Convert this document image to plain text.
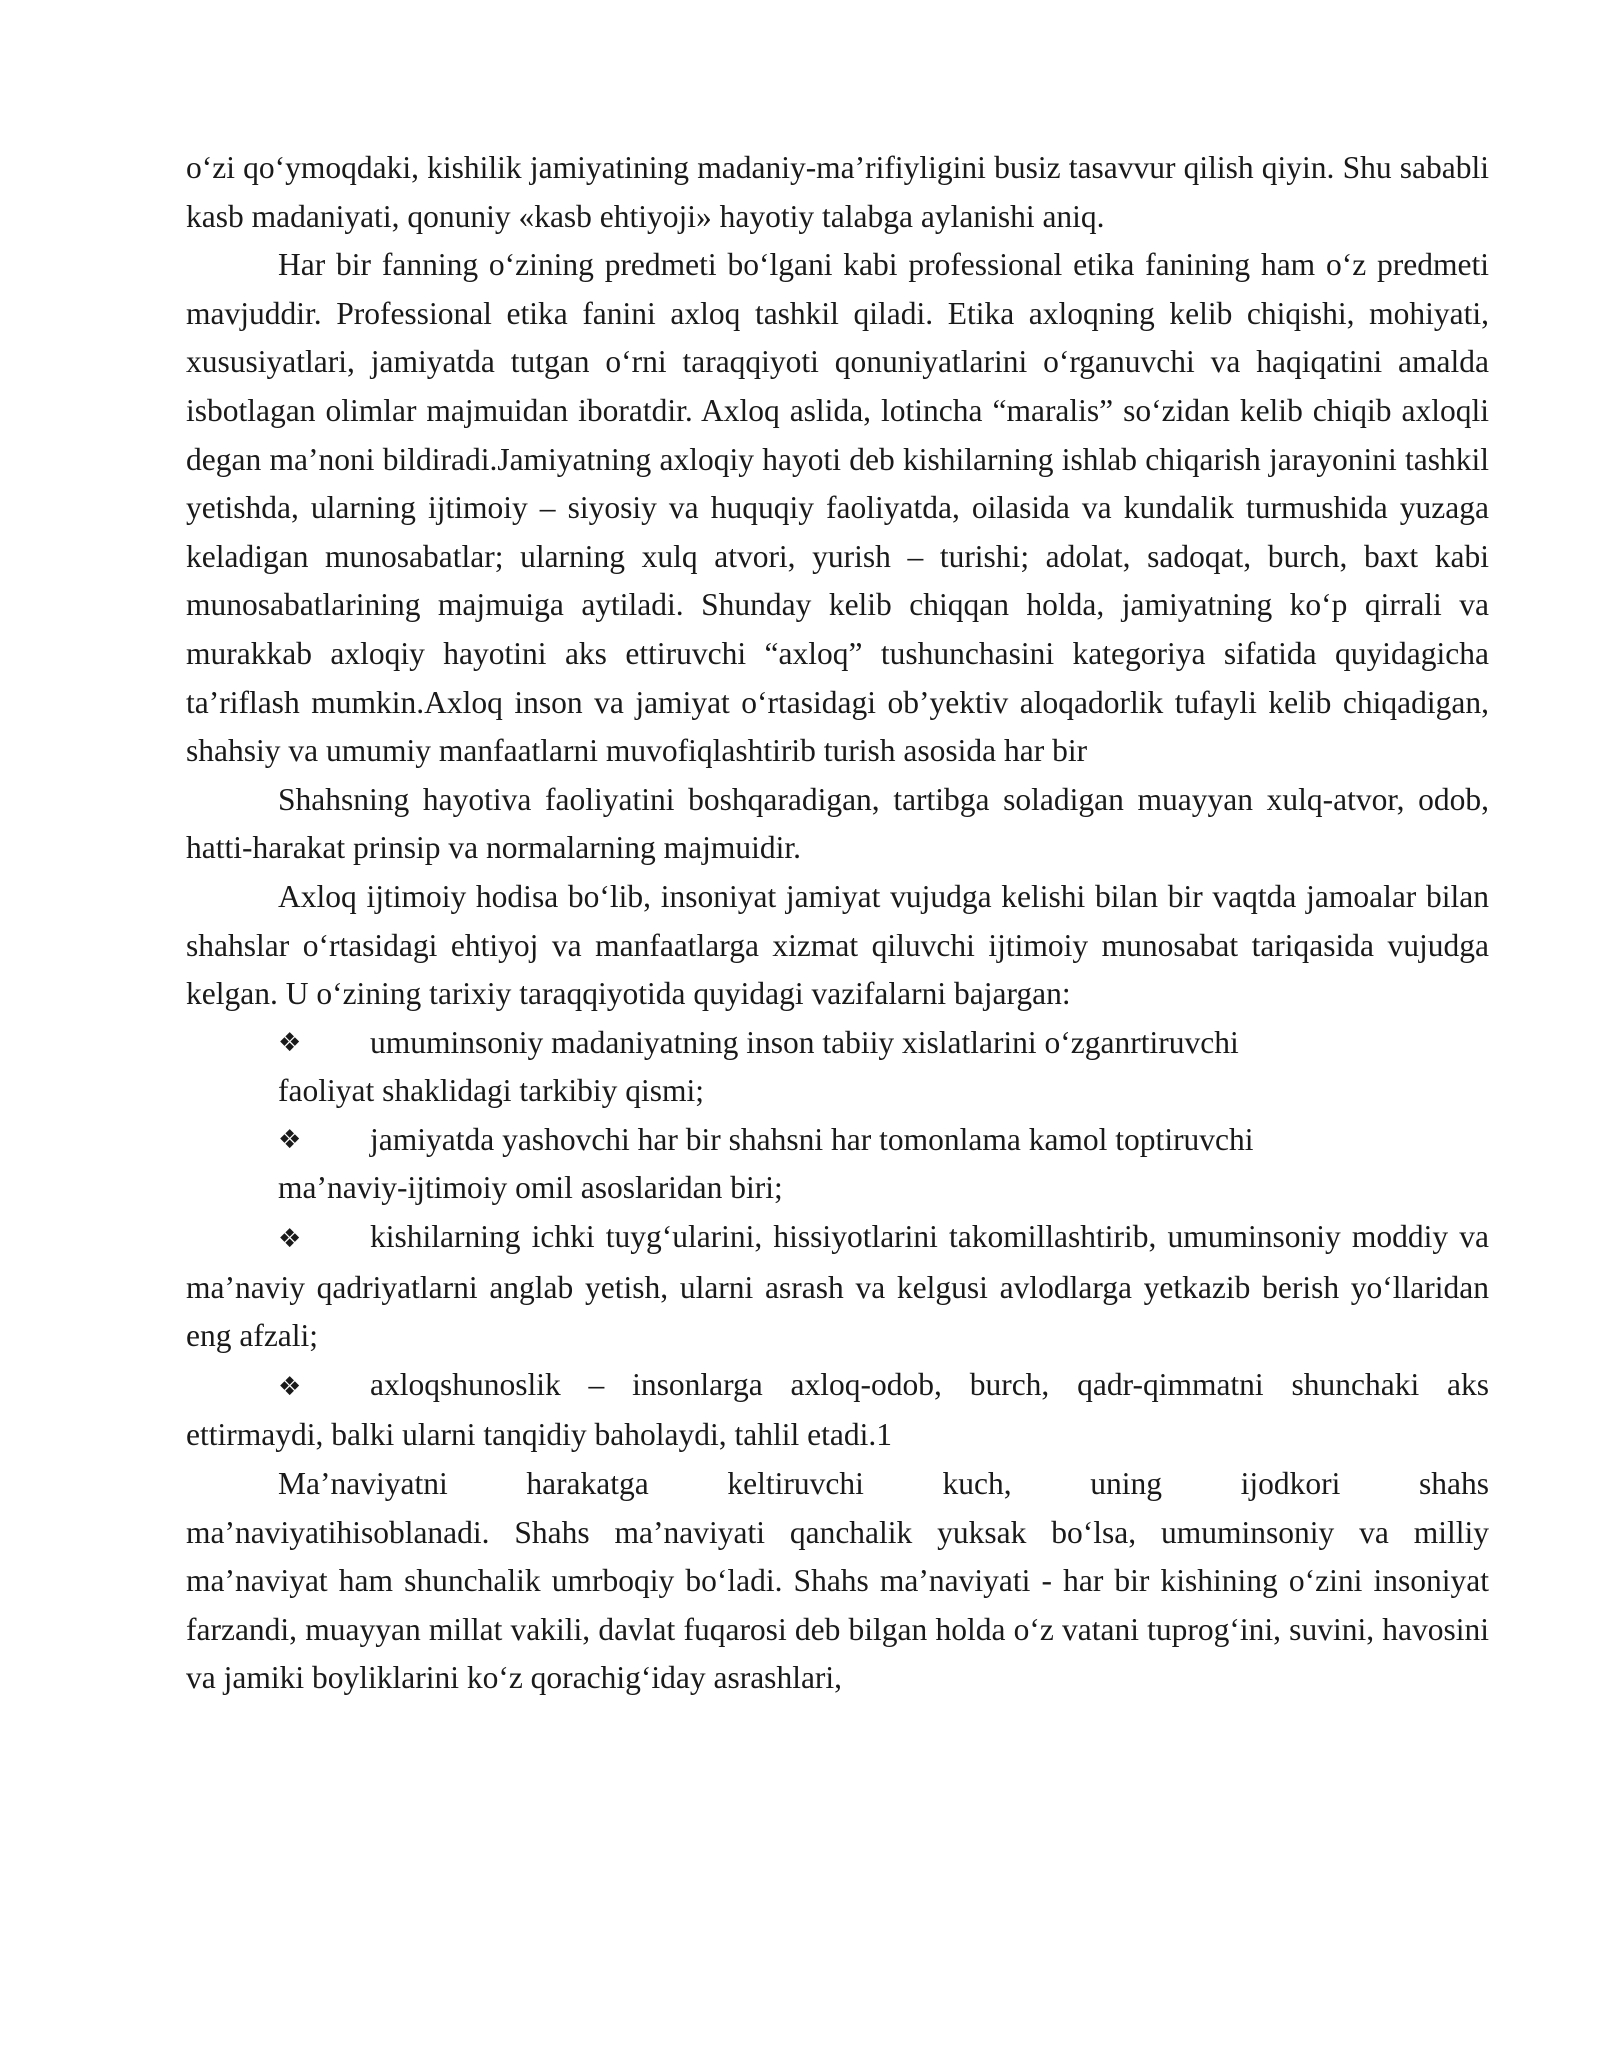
o‘zi qo‘ymoqdaki, kishilik jamiyatining madaniy-ma’rifiyligini busiz tasavvur qilish qiyin. Shu sababli kasb madaniyati, qonuniy «kasb ehtiyoji» hayotiy talabga aylanishi aniq.

Har bir fanning o‘zining predmeti bo‘lgani kabi professional etika fanining ham o‘z predmeti mavjuddir. Professional etika fanini axloq tashkil qiladi. Etika axloqning kelib chiqishi, mohiyati, xususiyatlari, jamiyatda tutgan o‘rni taraqqiyoti qonuniyatlarini o‘rganuvchi va haqiqatini amalda isbotlagan olimlar majmuidan iboratdir. Axloq aslida, lotincha “maralis” so‘zidan kelib chiqib axloqli degan ma’noni bildiradi.Jamiyatning axloqiy hayoti deb kishilarning ishlab chiqarish jarayonini tashkil yetishda, ularning ijtimoiy – siyosiy va huquqiy faoliyatda, oilasida va kundalik turmushida yuzaga keladigan munosabatlar; ularning xulq atvori, yurish – turishi; adolat, sadoqat, burch, baxt kabi munosabatlarining majmuiga aytiladi. Shunday kelib chiqqan holda, jamiyatning ko‘p qirrali va murakkab axloqiy hayotini aks ettiruvchi “axloq” tushunchasini kategoriya sifatida quyidagicha ta’riflash mumkin.Axloq inson va jamiyat o‘rtasidagi ob’yektiv aloqadorlik tufayli kelib chiqadigan, shahsiy va umumiy manfaatlarni muvofiqlashtirib turish asosida har bir

Shahsning hayotiva faoliyatini boshqaradigan, tartibga soladigan muayyan xulq-atvor, odob, hatti-harakat prinsip va normalarning majmuidir.

Axloq ijtimoiy hodisa bo‘lib, insoniyat jamiyat vujudga kelishi bilan bir vaqtda jamoalar bilan shahslar o‘rtasidagi ehtiyoj va manfaatlarga xizmat qiluvchi ijtimoiy munosabat tariqasida vujudga kelgan. U o‘zining tarixiy taraqqiyotida quyidagi vazifalarni bajargan:

❖	umuminsoniy madaniyatning inson tabiiy xislatlarini o‘zganrtiruvchi
faoliyat shaklidagi tarkibiy qismi;
❖	jamiyatda yashovchi har bir shahsni har tomonlama kamol toptiruvchi
ma’naviy-ijtimoiy omil asoslaridan biri;

❖ kishilarning ichki tuyg‘ularini, hissiyotlarini takomillashtirib, umuminsoniy moddiy va ma’naviy qadriyatlarni anglab yetish, ularni asrash va kelgusi avlodlarga yetkazib berish yo‘llaridan eng afzali;

❖ axloqshunoslik – insonlarga axloq-odob, burch, qadr-qimmatni shunchaki aks ettirmaydi, balki ularni tanqidiy baholaydi, tahlil etadi.1

Ma’naviyatni harakatga keltiruvchi kuch, uning ijodkori shahs

ma’naviyatihisoblanadi. Shahs ma’naviyati qanchalik yuksak bo‘lsa, umuminsoniy va milliy ma’naviyat ham shunchalik umrboqiy bo‘ladi. Shahs ma’naviyati - har bir kishining o‘zini insoniyat farzandi, muayyan millat vakili, davlat fuqarosi deb bilgan holda o‘z vatani tuprog‘ini, suvini, havosini va jamiki boyliklarini ko‘z qorachig‘iday asrashlari,
